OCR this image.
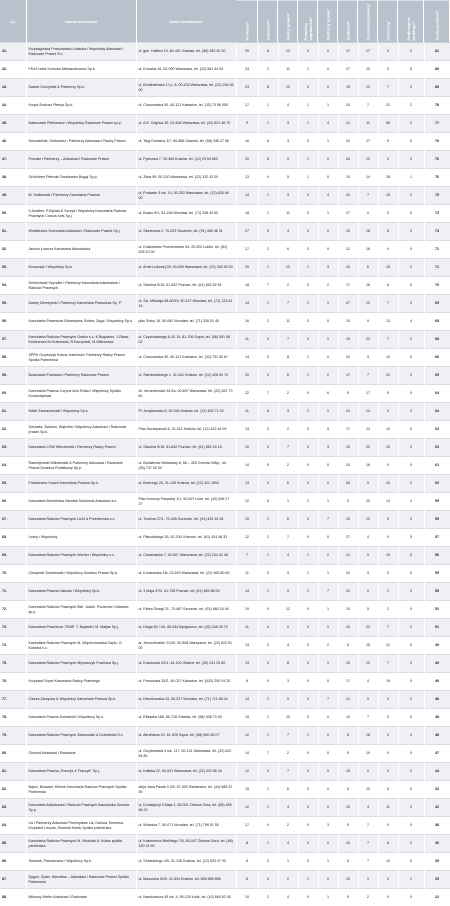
Lp.	Nazwa kancelarii	Dane kontaktowe	Prawnicy*	Adwokaci*	Radcy prawni*	Prawnicy zagraniczni*	Doktorzy prawa*	Aplikanci*	Pozostali prawnicy*	Partnerzy*	Punktacja w rankingu*	Suma punktów*
41.	Krzyżagórska Prokurańska Lubacka i Wspólnicy Adwokaci i Radcowie Prawni S.c.	ul. gen. Hallera 19, 80-401 Gdańsk, tel. (58) 340 30 30	29	6	12	0	0	17	17	0	0	81
42.	FKA Furtek Komosa Aleksandrowicz Sp.k.	ul. Kruczka 16, 00-000 Warszawa, tel. (22) 581 44 00	24	2	11	1	0	27	10	0	5	80
43.	Sawek Gorzyński & Partnerzy Sp.k.	ul. Bonifraterska 17 p. 8, 00-203 Warszawa, tel. (22) 246 08 00	23	8	10	0	0	19	13	7	0	80
44.	Krupa Srokosz Pietrys Sp.k.	ul. Chorzowska 50, 40-121 Katowice, tel. (32) 73 96 050	17	1	4	1	1	24	7	21	2	78
45.	Malinowski Pietkiewicz i Wspólnicy Radcowie Prawni sp.p.	ul. A.E. Odyńca 35, 02-606 Warszawa, tel. (22) 621 46 70	9	1	3	1	4	12	11	36	0	77
46.	Nowosielski, Gotkowicz i Partnerzy Adwokaci i Radcy Prawni	ul. Targ Drzewny 3/7, 80-886 Gdańsk, tel. (58) 346 27 56	16	6	3	0	1	24	17	9	0	76
47.	Porwisz i Partnerzy – Adwokaci i Radcowie Prawni	ul. Pychowa 7, 30-364 Kraków, tel. (12) 29 63 600	20	6	5	1	0	34	10	0	0	76
48.	Schönherr Pietrzak Sankiewicz Bugaj Sp.p.	ul. Złota 59, 00-120 Warszawa, tel. (22) 332 42 00	13	4	5	1	0	10	14	28	1	76
49.	M. Sulikowski i Partnerzy Kancelaria Prawna	ul. Podwale 3 lok. 10, 00-252 Warszawa, tel. (22) 635 46 00	14	1	3	0	4	31	7	15	0	75
50.	V.Anwiller, P.Dębski,E.Szuryk i Wspólnicy Kancelaria Radców Prawnych Corsus Iuris Sp.j.	ul. Bosko 9/1, 53-236 Wrocław, tel. (71) 338 45 50	18	1	11	0	1	27	0	0	0	73
51.	Wodkiewicz Sosnowski Adwokaci i Radcowie Prawni Sp.j.	ul. Słoneczna 2, 70-223 Szczecin, tel. (91) 489 36 31	27	9	4	0	0	10	18	5	0	73
52.	Janusz Łowcza Kancelaria Adwokacka	ul. Krakowskie Przedmieście 54, 20-002 Lublin, tel. (81) 528 10 00	17	2	6	3	9	12	18	4	0	71
53.	Kruszczyk i Wspólnicy Sp.k.	ul. Armii Ludowej 26, 00-609 Warszawa, tel. (22) 334 90 00	25	1	10	1	3	10	6	15	0	71
54.	Delichowski Szyndler i Partnerzy Kancelaria Adwokatów i Radców Prawnych	ul. Szkolna 5/15, 61-832 Poznań, tel. (61) 852 52 61	18	7	2	0	2	17	18	6	0	70
55.	Maciej Derezyński i Partnerzy Kancelaria Prawnicza Sp. P.	ul. Św. Mikołaja 58-60/19, 50-127 Wrocław, tel. (71) 123 81 15	14	1	7	2	1	27	10	7	0	69
56.	Kancelaria Prawnicza Schampera, Bultra, Zając i Wspólnicy Sp.k.	plac Solny 16, 50-062 Wrocław, tel. (71) 326 51 40	16	2	11	3	0	10	9	13	4	68
57.	Kancelaria Radców Prawnych Grafus s.c. K.Bogdanis, J.Gibas-Kohlerecka M.Grabowski, R.Kaczyński, M.Witkowska	ul. Czysiowskiego 8-10 14, 81-706 Sopot, tel. (58) 551 06 02	11	0	7	0	1	19	23	7	0	68
58.	SPRK Grzybczyk Kolusz Kaminski i Partnerzy Radcy Prawni Spółka Partnerska	ul. Chorzowska 50, 40-121 Katowice, tel. (32) 731 50 67	14	0	8	1	0	24	9	10	0	66
59.	Budzowski Fiutowski i Partnerzy Radcowie Prawni	ul. Siemiradzkiego 1, 31-041 Kraków, tel. (12) 428 00 70	20	0	6	1	2	17	7	12	0	65
60.	Kancelaria Prawna Corpus Iuris Rotko i Wspólnicy Spółka Komandytowa	Al. Jerozolimskie 51/1a, 00-697 Warszawa, tel. (22) 622 73 60	22	7	2	0	6	5	17	5	0	64
61.	Nikiel Zacharzewski i Wspólnicy Sp.k.	Pl. Asnykowska 6, 30-034 Kraków, tel. (12) 632 71 02	11	6	3	2	1	24	14	0	3	64
62.	Gorazda, Świstuń, Wątroba i Wspólnicy Adwokaci i Radcowie prawni Sp.k.	Plac Szczepański 8, 31-011 Kraków, tel. (12) 422 44 59	13	3	2	0	5	17	13	10	0	63
63.	Kancelaria CSW Wiecheński i Partnerzy Radcy Prawni	ul. Szkolna 5/18, 61-832 Poznań, tel. (61) 852 18 15	10	0	7	0	3	10	20	10	0	63
64.	Radziejewski Wiśniewski & Partnerzy Adwokaci i Radcowie Prawni Doradca Podatkowy Sp.p.	ul. Bohaterów Warszawy 6, 66 – 400 Gorzów Wlkp., tel. (95) 737 00 30	14	5	2	0	0	24	16	0	0	61
65.	Frankiewicz Kopek Kancelaria Prawna Sp.k.	ul. Batorego 25, 31-135 Kraków, tel. (12) 421 1594	13	0	6	0	0	26	5	10	0	60
66.	Kancelaria Brzezińska Narolski Morioński Adwokaci s.c.	Plac Komuny Paryskiej 1/1, 90-007 Łódź, tel. (42) 636 27 27	12	5	1	2	1	0	20	14	4	59
67.	Kancelaria Radców Prawnych Licht & Przewierska s.c.	ul. Tuwima 27/1, 70-426 Szczecin, tel. (91) 433 16 16	15	2	6	0	7	10	10	9	0	59
68.	Leśny i Wspólnicy	ul. Piłsudskiego 35, 62-200 Gniezno, tel. (61) 424 46 33	12	2	7	0	0	27	4	0	5	57
69.	Kancelaria Radców Prawnych Werner i Wspólnicy s.c.	ul. Czwartaków 7, 02-607 Warszawa, tel. (22) 244 42 46	7	1	4	1	2	12	5	19	5	56
70.	Chłopecki Sobolewski i Wspólnicy Doradcy Prawni Sp.k.	ul. Konkowska 16i, 02-529 Warszawa, tel. (22) 560 80 60	11	0	9	1	1	24	9	0	0	55
71.	Kancelaria Prawna Jatczak i Wspólnicy Sp.k.	ul. 3 Maja 47/2, 61-728 Poznań, tel. (61) 659 88 00	14	1	5	2	7	12	0	2	0	55
72.	Kancelaria Radców Prawnych Biel, Judek, Pociecha i Odłaniec sp.p.	ul. Piotra Skargi 21, 70-487 Szczecin, tel. (91) 484 18 44	19	0	12	0	1	10	5	2	0	52
73.	Kancelaria Prawnicza ‚TEBE' T. Bojarski i M. Matjas Sp.j.	ul. Długa 50 / 4A, 85-034 Bydgoszcz, tel. (52) 348 28 70	11	4	0	0	1	10	22	7	0	51
74.	Kancelaria Radców Prawnych M. Wojciechowska-Szpic, G. Kotarba s.c.	al. Jerozolimskie 21/30, 00-508 Warszawa, tel. (22) 622 51 00	13	3	4	0	2	5	15	12	0	49
75.	Kancelaria Radców Prawnych Mlynarczyk Pucińska Sp.j.	ul. Kościuszki 22/1, 44-100 Gliwice, tel. (32) 231 29 82	13	0	8	0	1	10	10	7	0	49
76.	Krzysztof Sopel Kancelaria Radcy Prawnego	ul. Pronczaka 33/2, 40-027 Katowice, tel. (032) 200 04 20	6	0	3	0	0	17	4	19	0	49
77.	Cieses Zarzycka & Wspólnicy Kancelaria Prawna Sp.k.	ul. Kleczkowska 43, 50-227 Wrocław, tel. (71) 711 66 44	14	2	5	0	7	12	5	3	0	48
78.	Kancelaria Prawna Domański i Wspólnicy Sp.k.	ul. Elbląska 185, 80-718 Gdańsk, tel. (58) 308 73 45	19	1	10	0	0	10	7	0	0	48
79.	Kancelaria Radców Prawnych Żelazowski & Dziewiński S.c.	ul. Abrahama 23, 81-925 Sopot, tel. (58) 550 28 07	12	1	7	1	0	5	18	0	4	48
80.	Ginkont Adwokaci i Radcowie	ul. Grzybowska 4 lok. 117, 00-131 Warszawa, tel. (22) 622 54 80	14	7	2	0	0	5	19	0	0	47
81.	Kancelaria Prawna „Fraczyk & Fraczyk” Sp.j.	ul. Kaliska 22, 00-001 Warszawa, tel. (22) 422 86 34	12	0	7	0	5	15	0	0	0	44
82.	Bąbol, Bzowski, Klimek Kancelaria Radców Prawnych Spółka Partnerska	aleja Jana Pawła II 3/5, 97-500 Radomsko, tel. (44) 685 22 55	15	1	6	0	0	5	10	5	0	43
83.	Kancelaria Adwokacka i Radców Prawnych Baczyńska Szarota Sp.p.	ul. Konstytucji 3 Maja 1, 65-001 Zielona Góra, tel. (68) 455 66 20	12	1	4	0	0	10	4	11	0	42
84.	Lis i Partnerzy Adwokaci Przemysław Lis, Dariusz Smereka, Krzysztof Leszak, Dominik Horek Spółka partnerska	ul. Wołoska 7, 50-071 Wrocław, tel. (71) 798 51 50	17	4	2	0	3	5	7	0	0	38
85.	Kancelaria Radców Prawnych M. Woźniak A. Kulisz spółka partnerska	ul. Kazimierza Wielkiego 7/5, 65-047 Zielona Góra, tel. (68) 320 24 59	8	1	4	0	0	10	7	6	0	36
86.	Tomasik, Pakosiewicz i Wspólnicy Sp.k.	ul. Sobieskiego 3/5, 31-136 Kraków, tel. (12) 633 07 90	8	3	1	0	1	5	7	10	0	35
87.	Dygoń, Żyder, Nierobisz – Adwokaci i Radcowie Prawni Spółka Partnerska	ul. Mazurska 9/25, 31-534 Kraków, tel. 606 855 856	6	4	2	1	0	10	1	0	1	25
88.	Mikuszy Meller Adwokaci i Radcowie	ul. Narutowicza 45 lok. 4, 90-130 Łódź, tel. (42) 664 52 40	10	2	4	0	1	5	2	0	0	22
